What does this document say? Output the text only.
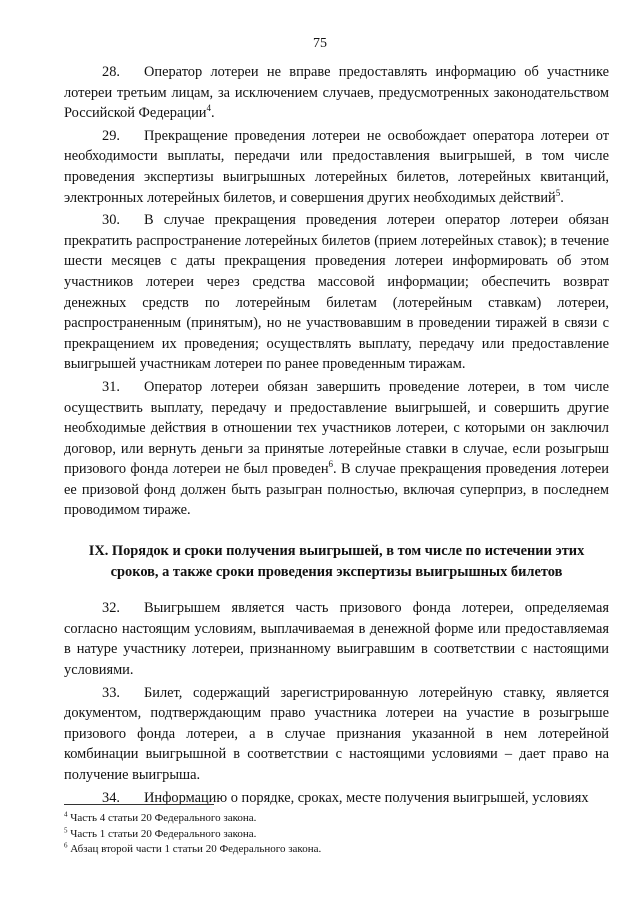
75

28. Оператор лотереи не вправе предоставлять информацию об участнике лотереи третьим лицам, за исключением случаев, предусмотренных законодательством Российской Федерации$^4$.

29. Прекращение проведения лотереи не освобождает оператора лотереи от необходимости выплаты, передачи или предоставления выигрышей, в том числе проведения экспертизы выигрышных лотерейных билетов, лотерейных квитанций, электронных лотерейных билетов, и совершения других необходимых действий$^5$.

30. В случае прекращения проведения лотереи оператор лотереи обязан прекратить распространение лотерейных билетов (прием лотерейных ставок); в течение шести месяцев с даты прекращения проведения лотереи информировать об этом участников лотереи через средства массовой информации; обеспечить возврат денежных средств по лотерейным билетам (лотерейным ставкам) лотереи, распространенным (принятым), но не участвовавшим в проведении тиражей в связи с прекращением их проведения; осуществлять выплату, передачу или предоставление выигрышей участникам лотереи по ранее проведенным тиражам.

31. Оператор лотереи обязан завершить проведение лотереи, в том числе осуществить выплату, передачу и предоставление выигрышей, и совершить другие необходимые действия в отношении тех участников лотереи, с которыми он заключил договор, или вернуть деньги за принятые лотерейные ставки в случае, если розыгрыш призового фонда лотереи не был проведен$^6$. В случае прекращения проведения лотереи ее призовой фонд должен быть разыгран полностью, включая суперприз, в последнем проводимом тираже.

IX. Порядок и сроки получения выигрышей, в том числе по истечении этих сроков, а также сроки проведения экспертизы выигрышных билетов

32. Выигрышем является часть призового фонда лотереи, определяемая согласно настоящим условиям, выплачиваемая в денежной форме или предоставляемая в натуре участнику лотереи, признанному выигравшим в соответствии с настоящими условиями.

33. Билет, содержащий зарегистрированную лотерейную ставку, является документом, подтверждающим право участника лотереи на участие в розыгрыше призового фонда лотереи, а в случае признания указанной в нем лотерейной комбинации выигрышной в соответствии с настоящими условиями – дает право на получение выигрыша.

34. Информацию о порядке, сроках, месте получения выигрышей, условиях

$^4$ Часть 4 статьи 20 Федерального закона.

$^5$ Часть 1 статьи 20 Федерального закона.

$^6$ Абзац второй части 1 статьи 20 Федерального закона.
